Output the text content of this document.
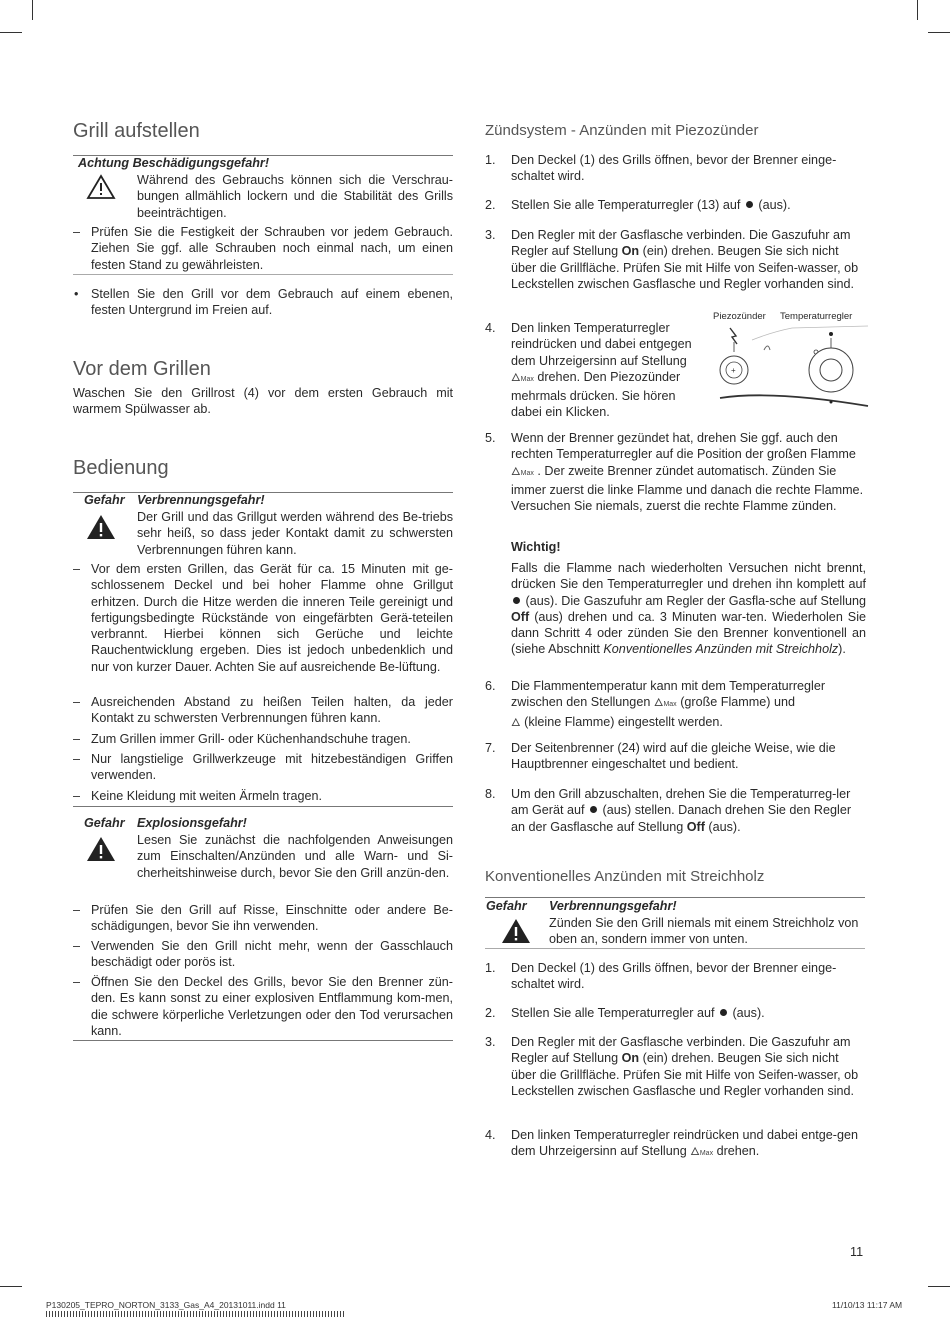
Grill aufstellen
Achtung Beschädigungsgefahr!
Während des Gebrauchs können sich die Verschrau-bungen allmählich lockern und die Stabilität des Grills beeinträchtigen.
– Prüfen Sie die Festigkeit der Schrauben vor jedem Gebrauch. Ziehen Sie ggf. alle Schrauben noch einmal nach, um einen festen Stand zu gewährleisten.
• Stellen Sie den Grill vor dem Gebrauch auf einem ebenen, festen Untergrund im Freien auf.
Vor dem Grillen
Waschen Sie den Grillrost (4) vor dem ersten Gebrauch mit warmem Spülwasser ab.
Bedienung
Gefahr Verbrennungsgefahr!
Der Grill und das Grillgut werden während des Be-triebs sehr heiß, so dass jeder Kontakt damit zu schwersten Verbrennungen führen kann.
– Vor dem ersten Grillen, das Gerät für ca. 15 Minuten mit ge-schlossenem Deckel und bei hoher Flamme ohne Grillgut erhitzen. Durch die Hitze werden die inneren Teile gereinigt und fertigungsbedingte Rückstände von eingefärbten Gerä-teteilen verbrannt. Hierbei können sich Gerüche und leichte Rauchentwicklung ergeben. Dies ist jedoch unbedenklich und nur von kurzer Dauer. Achten Sie auf ausreichende Be-lüftung.
– Ausreichenden Abstand zu heißen Teilen halten, da jeder Kontakt zu schwersten Verbrennungen führen kann.
– Zum Grillen immer Grill- oder Küchenhandschuhe tragen.
– Nur langstielige Grillwerkzeuge mit hitzebeständigen Griffen verwenden.
– Keine Kleidung mit weiten Ärmeln tragen.
Gefahr Explosionsgefahr!
Lesen Sie zunächst die nachfolgenden Anweisungen zum Einschalten/Anzünden und alle Warn- und Si-cherheitshinweise durch, bevor Sie den Grill anzün-den.
– Prüfen Sie den Grill auf Risse, Einschnitte oder andere Be-schädigungen, bevor Sie ihn verwenden.
– Verwenden Sie den Grill nicht mehr, wenn der Gasschlauch beschädigt oder porös ist.
– Öffnen Sie den Deckel des Grills, bevor Sie den Brenner zün-den. Es kann sonst zu einer explosiven Entflammung kom-men, die schwere körperliche Verletzungen oder den Tod verursachen kann.
Zündsystem - Anzünden mit Piezozünder
1. Den Deckel (1) des Grills öffnen, bevor der Brenner einge-schaltet wird.
2. Stellen Sie alle Temperaturregler (13) auf (aus).
3. Den Regler mit der Gasflasche verbinden. Die Gaszufuhr am Regler auf Stellung On (ein) drehen. Beugen Sie sich nicht über die Grillfläche. Prüfen Sie mit Hilfe von Seifen-wasser, ob Leckstellen zwischen Gasflasche und Regler vorhanden sind.
4. Den linken Temperaturregler reindrücken und dabei entgegen dem Uhrzeigersinn auf Stellung 🜂Max drehen. Den Piezozünder mehrmals drücken. Sie hören dabei ein Klicken.
Piezozünder Temperaturregler
+
5. Wenn der Brenner gezündet hat, drehen Sie ggf. auch den rechten Temperaturregler auf die Position der großen Flamme 🜂Max . Der zweite Brenner zündet automatisch. Zünden Sie immer zuerst die linke Flamme und danach die rechte Flamme. Versuchen Sie niemals, zuerst die rechte Flamme zünden.
Wichtig!
Falls die Flamme nach wiederholten Versuchen nicht brennt, drücken Sie den Temperaturregler und drehen ihn komplett auf  (aus). Die Gaszufuhr am Regler der Gasfla-sche auf Stellung Off (aus) drehen und ca. 3 Minuten war-ten. Wiederholen Sie dann Schritt 4 oder zünden Sie den Brenner konventionell an (siehe Abschnitt Konventionelles Anzünden mit Streichholz).
6. Die Flammentemperatur kann mit dem Temperaturregler zwischen den Stellungen 🜂Max (große Flamme) und
🜂 (kleine Flamme) eingestellt werden.
7. Der Seitenbrenner (24) wird auf die gleiche Weise, wie die Hauptbrenner eingeschaltet und bedient.
8. Um den Grill abzuschalten, drehen Sie die Temperaturreg-ler am Gerät auf (aus) stellen. Danach drehen Sie den Regler an der Gasflasche auf Stellung Off (aus).
Konventionelles Anzünden mit Streichholz
Gefahr Verbrennungsgefahr!
Zünden Sie den Grill niemals mit einem Streichholz von oben an, sondern immer von unten.
1. Den Deckel (1) des Grills öffnen, bevor der Brenner einge-schaltet wird.
2. Stellen Sie alle Temperaturregler auf (aus).
3. Den Regler mit der Gasflasche verbinden. Die Gaszufuhr am Regler auf Stellung On (ein) drehen. Beugen Sie sich nicht über die Grillfläche. Prüfen Sie mit Hilfe von Seifen-wasser, ob Leckstellen zwischen Gasflasche und Regler vorhanden sind.
4. Den linken Temperaturregler reindrücken und dabei entge-gen dem Uhrzeigersinn auf Stellung 🜂Max drehen.
11
P130205_TEPRO_NORTON_3133_Gas_A4_20131011.indd 11	11/10/13 11:17 AM
